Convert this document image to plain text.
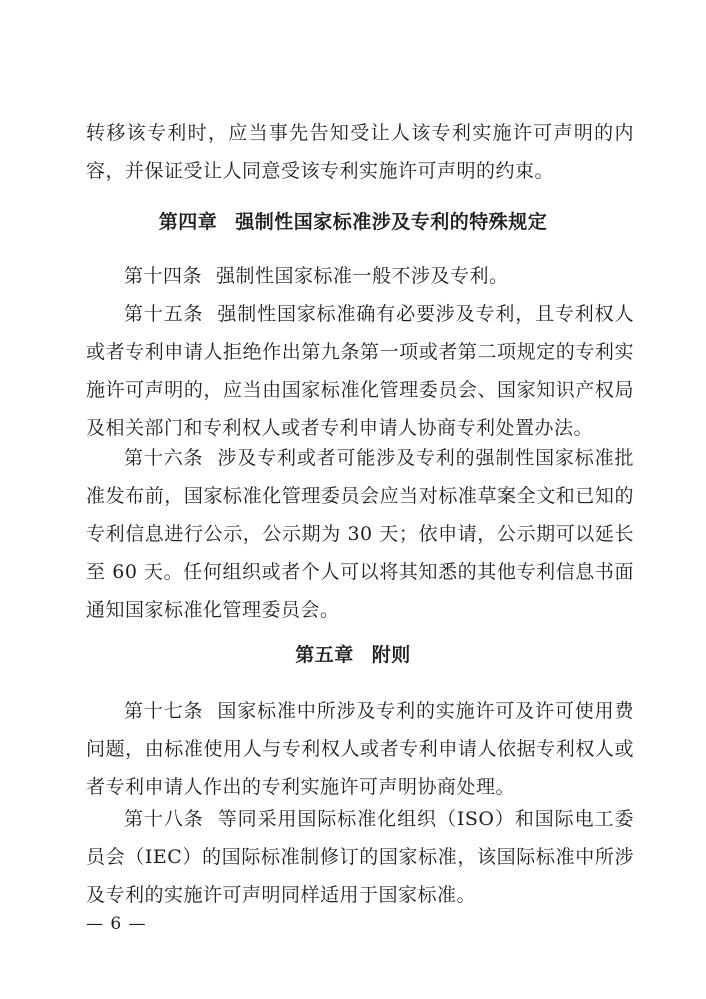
转移该专利时，应当事先告知受让人该专利实施许可声明的内容，并保证受让人同意受该专利实施许可声明的约束。

第四章 强制性国家标准涉及专利的特殊规定

第十四条 强制性国家标准一般不涉及专利。

第十五条 强制性国家标准确有必要涉及专利，且专利权人或者专利申请人拒绝作出第九条第一项或者第二项规定的专利实施许可声明的，应当由国家标准化管理委员会、国家知识产权局及相关部门和专利权人或者专利申请人协商专利处置办法。

第十六条 涉及专利或者可能涉及专利的强制性国家标准批准发布前，国家标准化管理委员会应当对标准草案全文和已知的专利信息进行公示，公示期为 30 天；依申请，公示期可以延长至 60 天。任何组织或者个人可以将其知悉的其他专利信息书面通知国家标准化管理委员会。

第五章 附则

第十七条 国家标准中所涉及专利的实施许可及许可使用费问题，由标准使用人与专利权人或者专利申请人依据专利权人或者专利申请人作出的专利实施许可声明协商处理。

第十八条 等同采用国际标准化组织（ISO）和国际电工委员会（IEC）的国际标准制修订的国家标准，该国际标准中所涉及专利的实施许可声明同样适用于国家标准。

— 6 —
